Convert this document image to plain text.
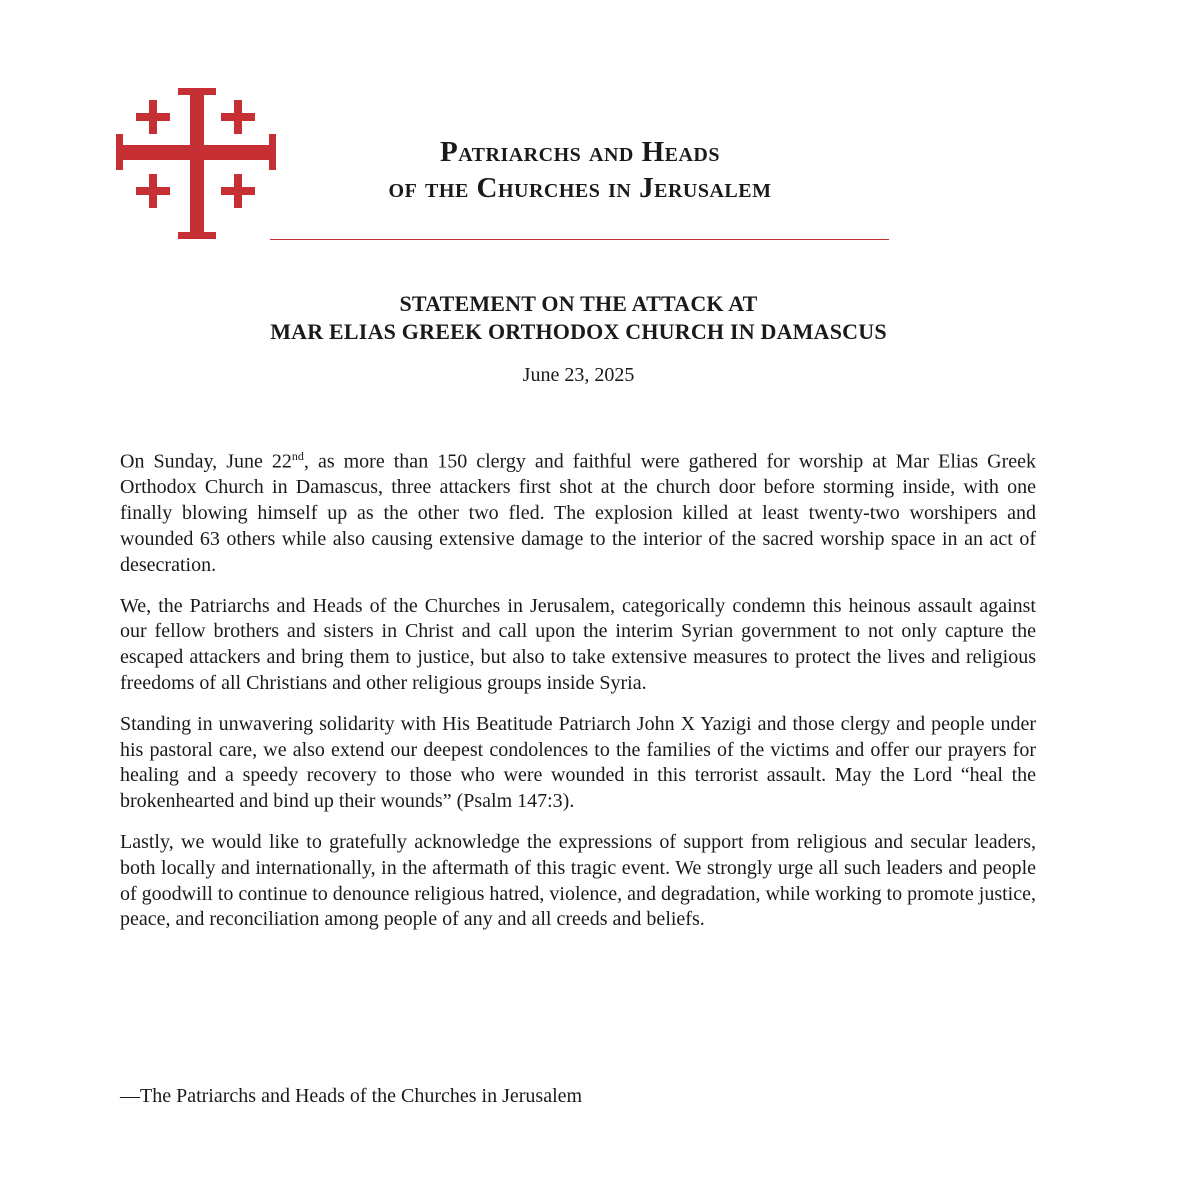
Patriarchs and Heads
of the Churches in Jerusalem
STATEMENT ON THE ATTACK AT
MAR ELIAS GREEK ORTHODOX CHURCH IN DAMASCUS
June 23, 2025

On Sunday, June 22nd, as more than 150 clergy and faithful were gathered for worship at Mar Elias Greek Orthodox Church in Damascus, three attackers first shot at the church door before storming inside, with one finally blowing himself up as the other two fled. The explosion killed at least twenty-two worshipers and wounded 63 others while also causing extensive damage to the interior of the sacred worship space in an act of desecration.

We, the Patriarchs and Heads of the Churches in Jerusalem, categorically condemn this heinous assault against our fellow brothers and sisters in Christ and call upon the interim Syrian government to not only capture the escaped attackers and bring them to justice, but also to take extensive measures to protect the lives and religious freedoms of all Christians and other religious groups inside Syria.

Standing in unwavering solidarity with His Beatitude Patriarch John X Yazigi and those clergy and people under his pastoral care, we also extend our deepest condolences to the families of the victims and offer our prayers for healing and a speedy recovery to those who were wounded in this terrorist assault. May the Lord “heal the brokenhearted and bind up their wounds” (Psalm 147:3).

Lastly, we would like to gratefully acknowledge the expressions of support from religious and secular leaders, both locally and internationally, in the aftermath of this tragic event. We strongly urge all such leaders and people of goodwill to continue to denounce religious hatred, violence, and degradation, while working to promote justice, peace, and reconciliation among people of any and all creeds and beliefs.

—The Patriarchs and Heads of the Churches in Jerusalem
